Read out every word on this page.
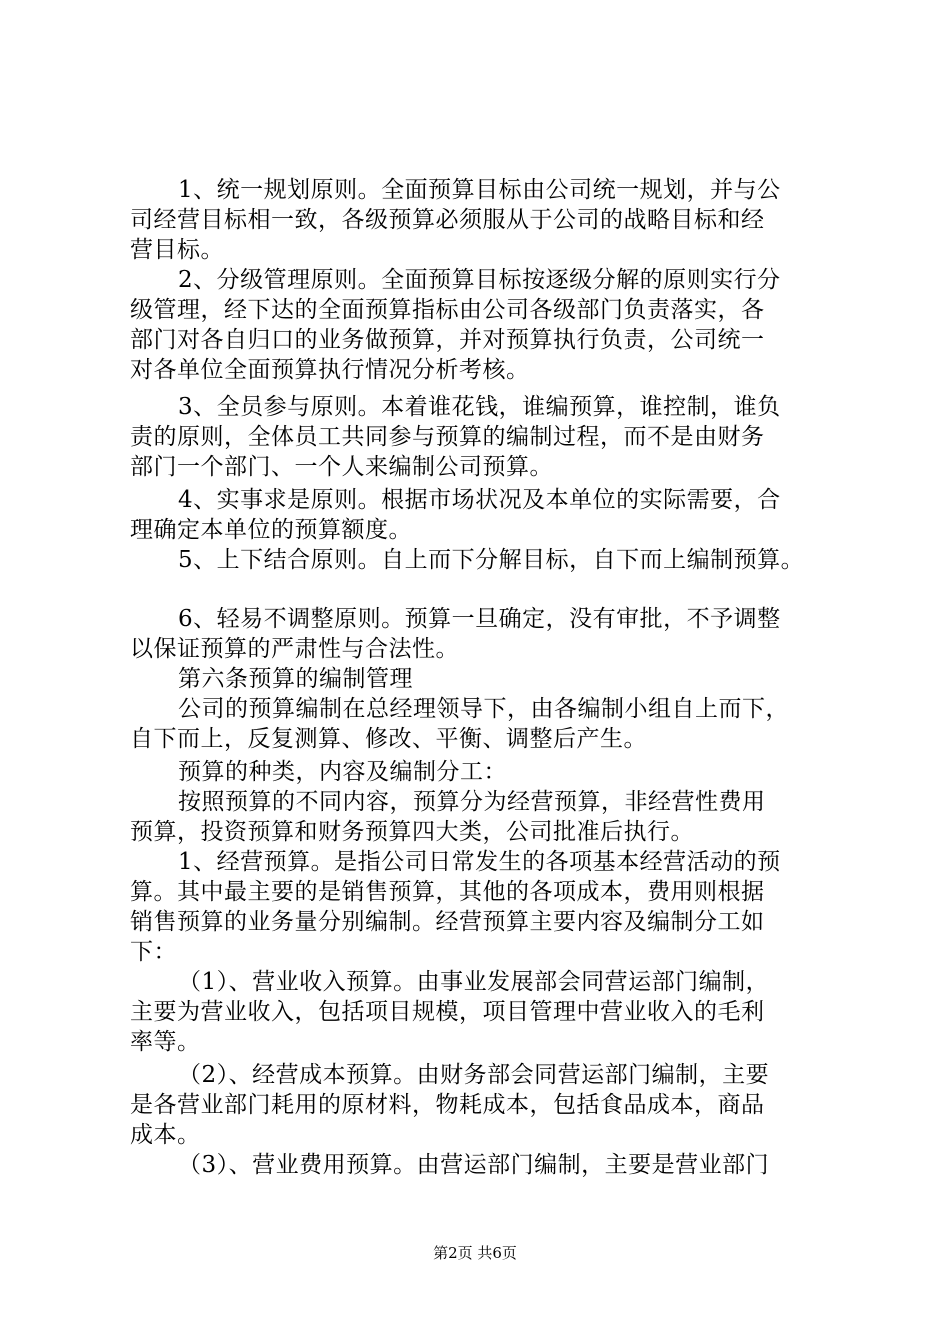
1、统一规划原则。全面预算目标由公司统一规划，并与公
司经营目标相一致，各级预算必须服从于公司的战略目标和经
营目标。
2、分级管理原则。全面预算目标按逐级分解的原则实行分
级管理，经下达的全面预算指标由公司各级部门负责落实，各
部门对各自归口的业务做预算，并对预算执行负责，公司统一
对各单位全面预算执行情况分析考核。
3、全员参与原则。本着谁花钱，谁编预算，谁控制，谁负
责的原则，全体员工共同参与预算的编制过程，而不是由财务
部门一个部门、一个人来编制公司预算。
4、实事求是原则。根据市场状况及本单位的实际需要，合
理确定本单位的预算额度。
5、上下结合原则。自上而下分解目标，自下而上编制预算。
6、轻易不调整原则。预算一旦确定，没有审批，不予调整
以保证预算的严肃性与合法性。
第六条预算的编制管理
公司的预算编制在总经理领导下，由各编制小组自上而下，
自下而上，反复测算、修改、平衡、调整后产生。
预算的种类，内容及编制分工：
按照预算的不同内容，预算分为经营预算，非经营性费用
预算，投资预算和财务预算四大类，公司批准后执行。
1、经营预算。是指公司日常发生的各项基本经营活动的预
算。其中最主要的是销售预算，其他的各项成本，费用则根据
销售预算的业务量分别编制。经营预算主要内容及编制分工如
下：
（1）、营业收入预算。由事业发展部会同营运部门编制，
主要为营业收入，包括项目规模，项目管理中营业收入的毛利
率等。
（2）、经营成本预算。由财务部会同营运部门编制，主要
是各营业部门耗用的原材料，物耗成本，包括食品成本，商品
成本。
（3）、营业费用预算。由营运部门编制，主要是营业部门
第2页 共6页
